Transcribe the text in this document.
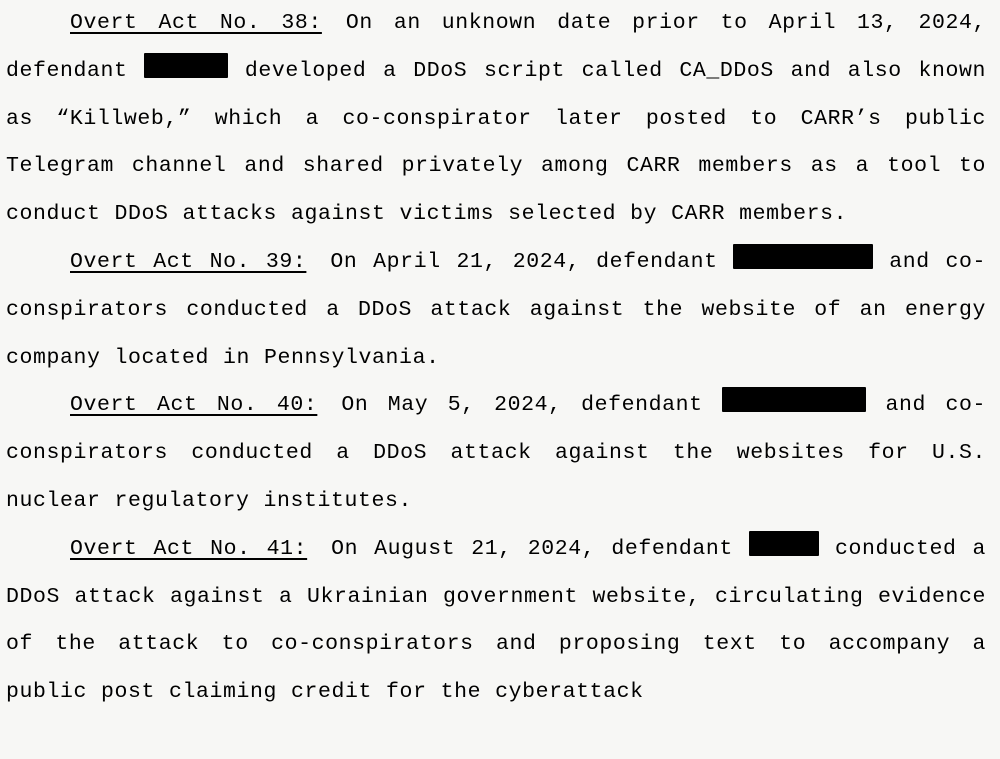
Overt Act No. 38: On an unknown date prior to April 13, 2024, defendant	developed a DDoS script called CA_DDoS and also known as “Killweb,” which a co-conspirator later posted to CARR’s public Telegram channel and shared privately among CARR members as a tool to conduct DDoS attacks against victims selected by CARR members.

Overt Act No. 39: On April 21, 2024, defendant	and co-conspirators conducted a DDoS attack against the website of an energy company located in Pennsylvania.

Overt Act No. 40: On May 5, 2024, defendant	and co-conspirators conducted a DDoS attack against the websites for U.S. nuclear regulatory institutes.

Overt Act No. 41: On August 21, 2024, defendant	conducted a DDoS attack against a Ukrainian government website, circulating evidence of the attack to co-conspirators and proposing text to accompany a public post claiming credit for the cyberattack
